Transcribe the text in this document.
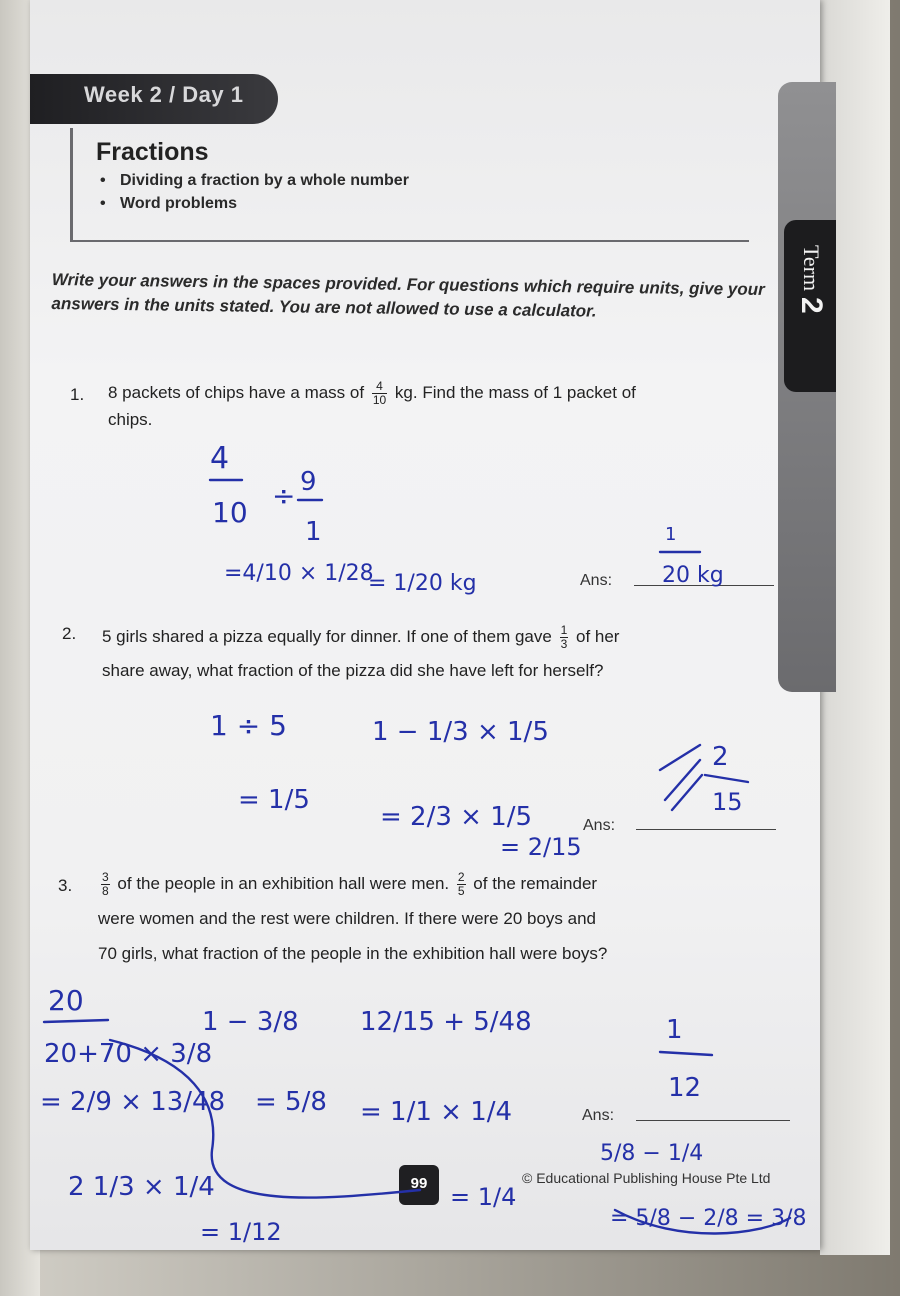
Week 2 / Day 1
Fractions
• Dividing a fraction by a whole number
• Word problems
Term

2
Write your answers in the spaces provided. For questions which require units, give your answers in the units stated. You are not allowed to use a calculator.
1. 8 packets of chips have a mass of $\frac{4}{10}$ kg. Find the mass of 1 packet of
chips.
Ans:
2. 5 girls shared a pizza equally for dinner. If one of them gave $\frac{1}{3}$ of her
share away, what fraction of the pizza did she have left for herself?
Ans:
3. $\frac{3}{8}$ of the people in an exhibition hall were men. $\frac{2}{5}$ of the remainder
were women and the rest were children. If there were 20 boys and
70 girls, what fraction of the people in the exhibition hall were boys?
Ans:
99	© Educational Publishing House Pte Ltd
4
10
÷ 9
1
=4/10 × 1/28
= 1/20 kg
1
20 kg
1 ÷ 5
= 1/5
1 − 1/3 × 1/5
= 2/3 × 1/5
= 2/15
2
15
20
20+70 × 3/8
1 − 3/8
= 2/9 × 13/48 = 5/8
12/15 + 5/48
= 1/1 × 1/4
2 1/3 × 1/4
= 1/12
= 1/4
5/8 − 1/4
= 5/8 − 2/8 = 3/8
1
12
